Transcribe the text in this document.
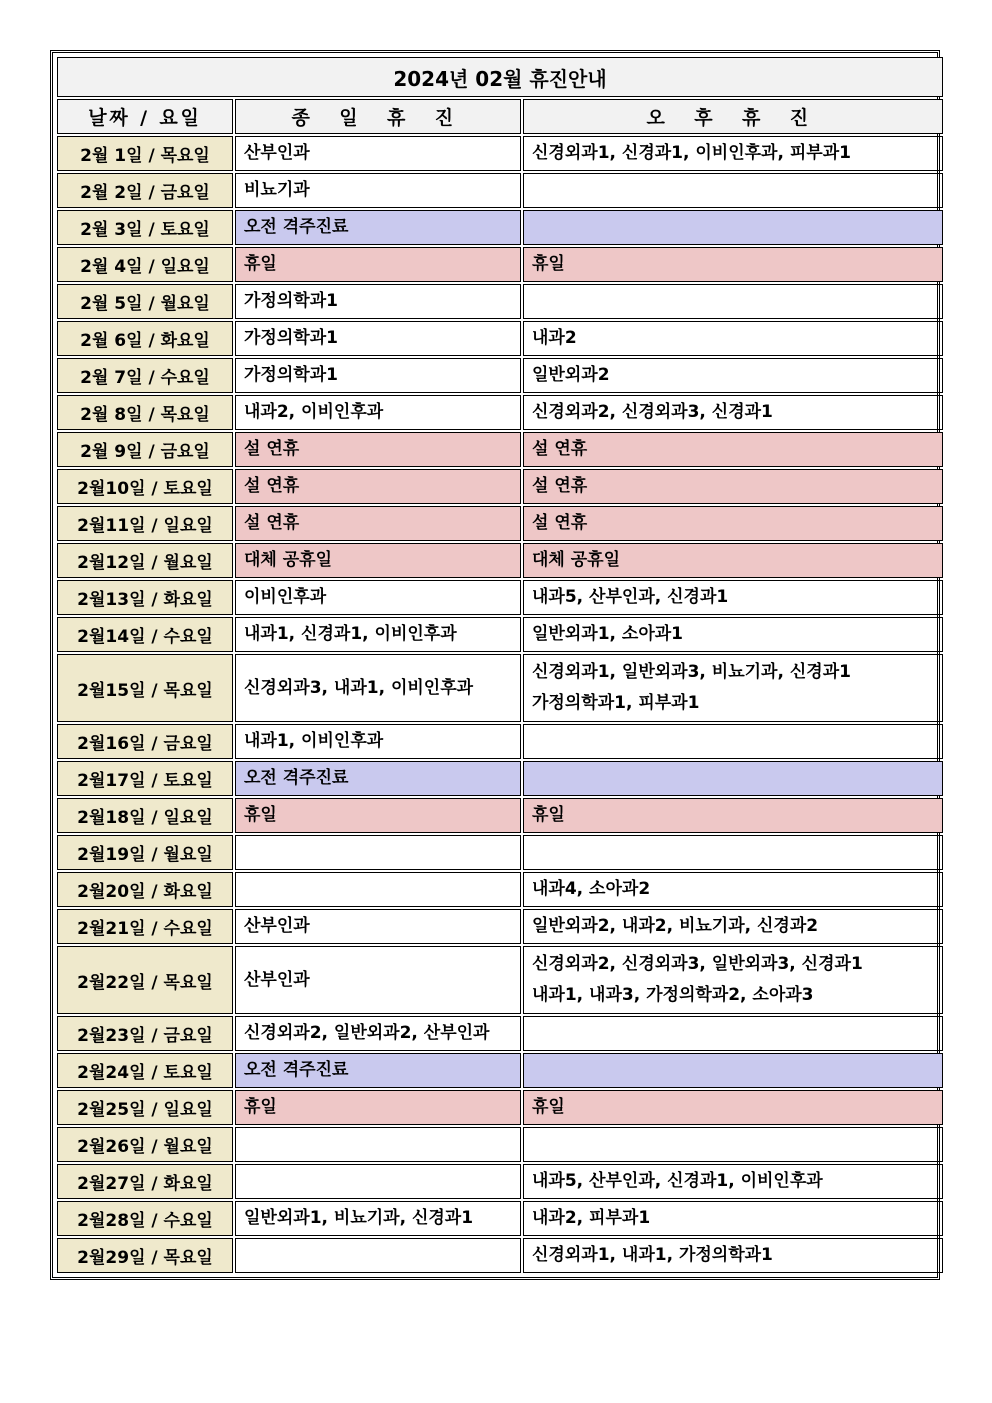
2024년 02월 휴진안내		
날짜 / 요일	종 일 휴 진	오 후 휴 진
2월 1일 / 목요일	산부인과	신경외과1, 신경과1, 이비인후과, 피부과1

2월 2일 / 금요일	비뇨기과	

2월 3일 / 토요일	오전 격주진료	

2월 4일 / 일요일	휴일	휴일

2월 5일 / 월요일	가정의학과1	

2월 6일 / 화요일	가정의학과1	내과2

2월 7일 / 수요일	가정의학과1	일반외과2

2월 8일 / 목요일	내과2, 이비인후과	신경외과2, 신경외과3, 신경과1

2월 9일 / 금요일	설 연휴	설 연휴

2월10일 / 토요일	설 연휴	설 연휴

2월11일 / 일요일	설 연휴	설 연휴

2월12일 / 월요일	대체 공휴일	대체 공휴일

2월13일 / 화요일	이비인후과	내과5, 산부인과, 신경과1

2월14일 / 수요일	내과1, 신경과1, 이비인후과	일반외과1, 소아과1

2월15일 / 목요일	신경외과3, 내과1, 이비인후과	신경외과1, 일반외과3, 비뇨기과, 신경과1
가정의학과1, 피부과1

2월16일 / 금요일	내과1, 이비인후과	

2월17일 / 토요일	오전 격주진료	

2월18일 / 일요일	휴일	휴일

2월19일 / 월요일		
2월20일 / 화요일		내과4, 소아과2

2월21일 / 수요일	산부인과	일반외과2, 내과2, 비뇨기과, 신경과2

2월22일 / 목요일	산부인과	신경외과2, 신경외과3, 일반외과3, 신경과1
내과1, 내과3, 가정의학과2, 소아과3

2월23일 / 금요일	신경외과2, 일반외과2, 산부인과	

2월24일 / 토요일	오전 격주진료	

2월25일 / 일요일	휴일	휴일

2월26일 / 월요일		
2월27일 / 화요일		내과5, 산부인과, 신경과1, 이비인후과

2월28일 / 수요일	일반외과1, 비뇨기과, 신경과1	내과2, 피부과1

2월29일 / 목요일		신경외과1, 내과1, 가정의학과1
